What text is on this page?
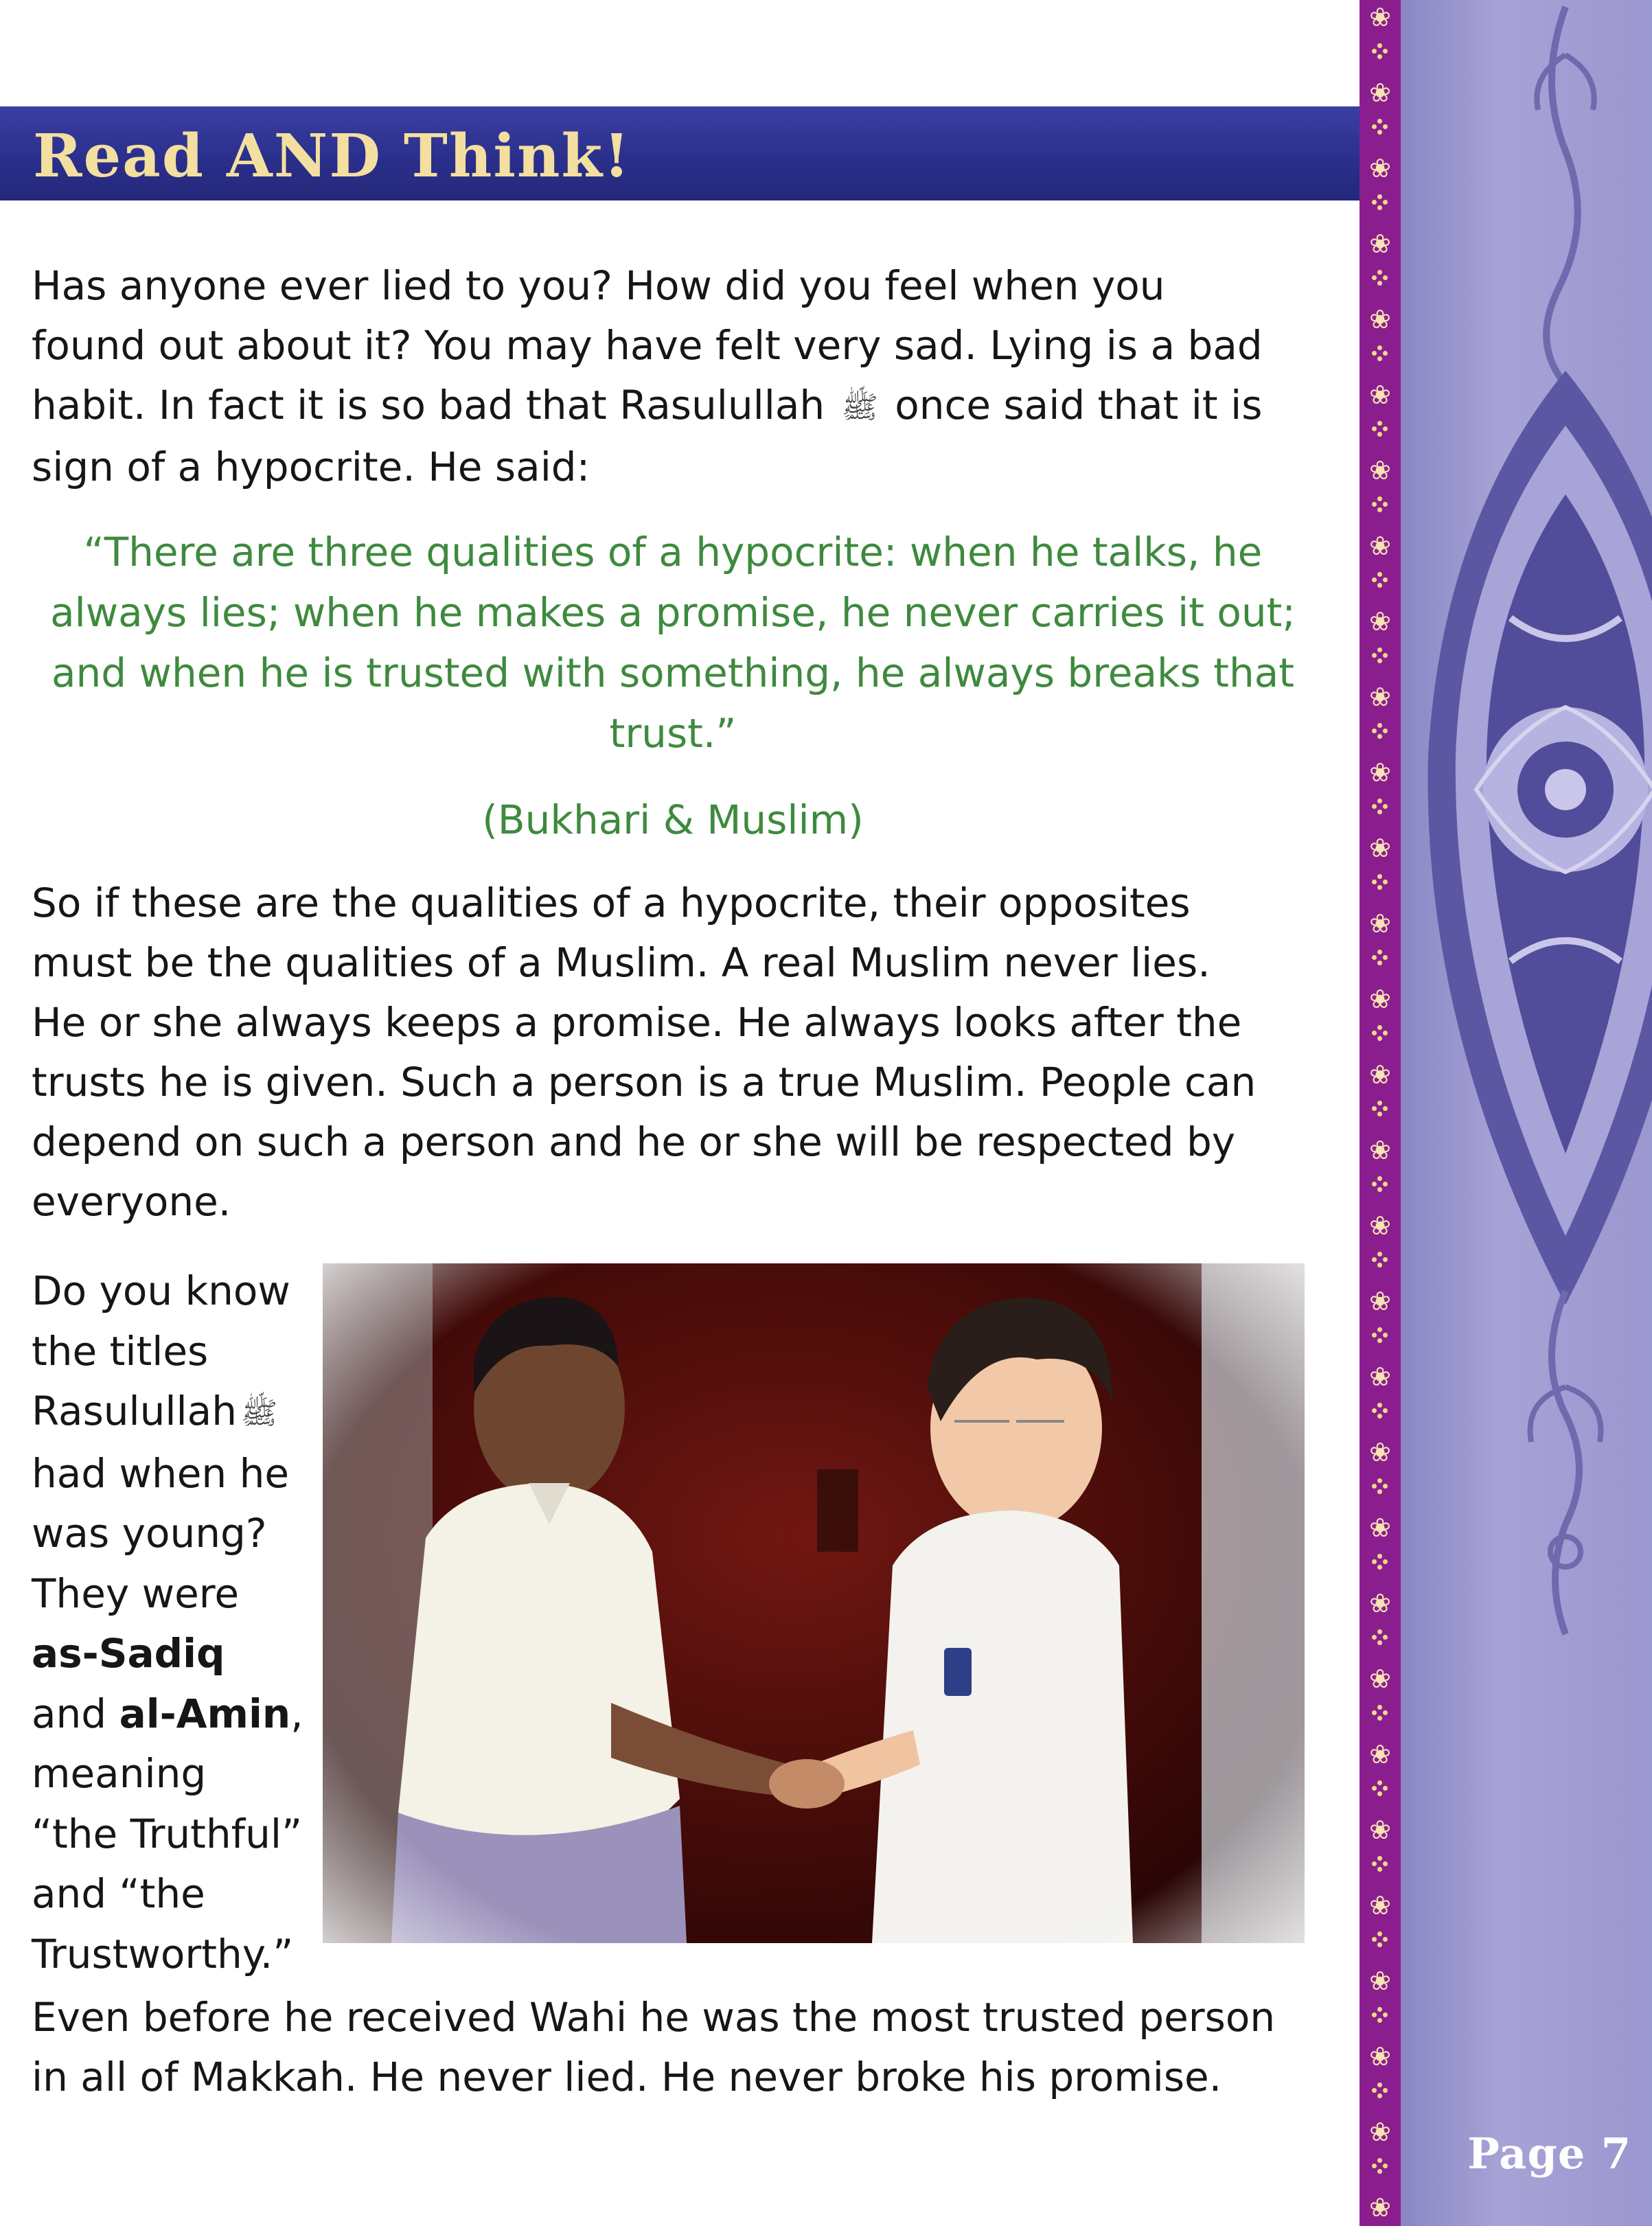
Read AND Think!

Has anyone ever lied to you? How did you feel when you
found out about it? You may have felt very sad. Lying is a bad
habit. In fact it is so bad that Rasulullah ﷺ once said that it is
sign of a hypocrite. He said:

“There are three qualities of a hypocrite: when he talks, he
always lies; when he makes a promise, he never carries it out;
and when he is trusted with something, he always breaks that
trust.”

(Bukhari & Muslim)

So if these are the qualities of a hypocrite, their opposites
must be the qualities of a Muslim. A real Muslim never lies.
He or she always keeps a promise. He always looks after the
trusts he is given. Such a person is a true Muslim. People can
depend on such a person and he or she will be respected by
everyone.

Do you know
the titles
Rasulullah ﷺ
had when he
was young?
They were
as-Sadiq
and al-Amin,
meaning
“the Truthful”
and “the
Trustworthy.”

Even before he received Wahi he was the most trusted person
in all of Makkah. He never lied. He never broke his promise.

❀
❀
❀
❀
❀
❀
❀
❀
❀
❀
❀
❀
❀
❀
❀
❀
❀
❀
❀
❀
❀
❀
❀
❀
❀
❀
❀
❀
❀
❀

Page 7
